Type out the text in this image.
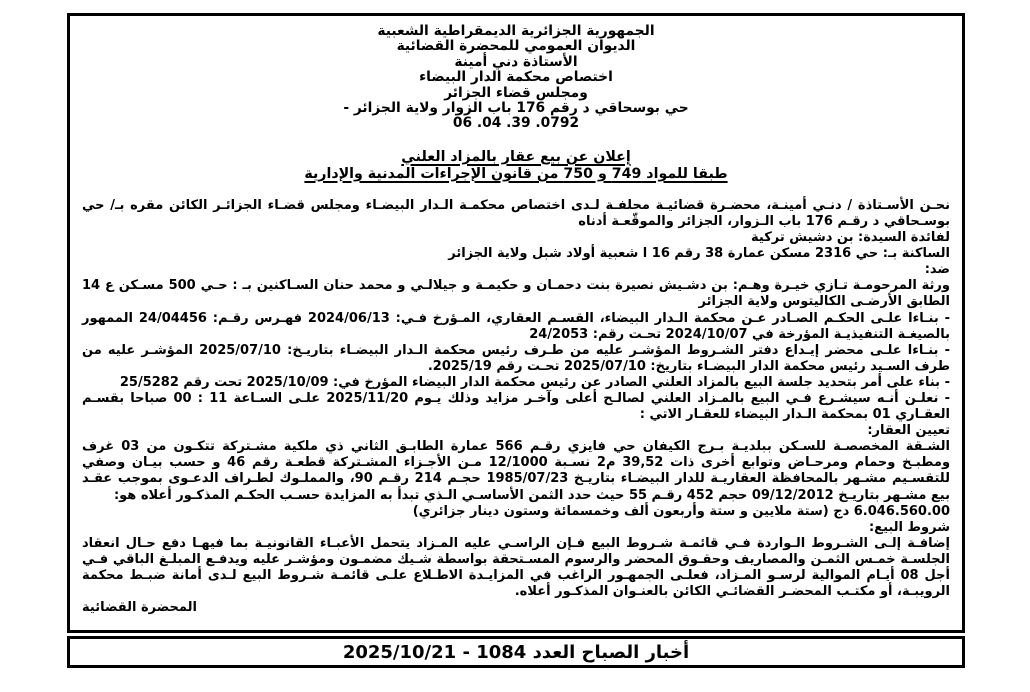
الجمهورية الجزائرية الديمقراطية الشعبية
الديوان العمومي للمحضرة القضائية
الأستاذة دني أمينة
اختصاص محكمة الدار البيضاء
ومجلس قضاء الجزائر
حي بوسحاقي د رقم 176 باب الزوار ولاية الجزائر -
06 .04 .39 .0792
إعلان عن بيع عقار بالمزاد العلني
طبقا للمواد 749 و 750 من قانون الإجراءات المدنية والإدارية

نحـن الأسـتاذة / دنـي أمينـة، محضـرة قضائيـة محلفـة لـدى اختصاص محكمـة الـدار البيضـاء ومجلس قضـاء الجزائـر الكائن مقره بـ/ حي بوسـحاقي د رقـم 176 باب الـزوار، الجزائر والموقّعـة أدناه

لفائدة السيدة: بن دشيش تركية

الساكنة بـ: حي 2316 مسكن عمارة 38 رقم 16 ا شعبية أولاد شبل ولاية الجزائر

ضد:

ورثة المرحومـة تـازي خيـرة وهـم: بن دشـيش نصيرة بنت دحمـان و حكيمـة و جيلالـي و محمد حنان السـاكنين بـ : حـي 500 مسـكن ع 14 الطابق الأرضـى الكاليتوس ولاية الجزائر

- بنـاءا علـى الحكـم الصـادر عـن محكمة الـدار البيضاء، القسـم العقاري، المـؤرخ فـي: 2024/06/13 فهـرس رقـم: 24/04456 الممهور بالصيغـة التنفيذيـة المؤرخة في 2024/10/07 تحـت رقم: 24/2053

- بنـاءا علـى محضر إيـداع دفتر الشـروط المؤشـر عليه من طـرف رئيس محكمة الـدار البيضـاء بتاريـخ: 2025/07/10 المؤشـر عليه من طرف السـيد رئيس محكمة الدار البيضـاء بتاريخ: 2025/07/10 تحـت رقم 2025/19.

- بناء على أمر بتحديد جلسة البيع بالمزاد العلني الصادر عن رئيس محكمة الدار البيضاء المؤرخ في: 2025/10/09 تحت رقم 25/5282

- نعلـن أنـه سيشـرع فـي البيع بالمـزاد العلني لصالـح أعلى وآخـر مزايد وذلك يـوم 2025/11/20 علـى السـاعة 11 : 00 صباحا بقسـم العقـاري 01 بمحكمة الـدار البيضاء للعقـار الاتي :

تعيين العقار:

الشـقة المخصصـة للسـكن ببلديـة بـرج الكيفان حي فايزي رقـم 566 عمارة الطابـق الثاني ذي ملكية مشـتركة تتكـون من 03 غرف ومطبـخ وحمام ومرحـاض وتوابع أخرى ذات 39,52 م2 نسـبة 12/1000 مـن الأجـزاء المشـتركة قطعـة رقم 46 و حسب بيـان وصفي للتقسـيم مشـهر بالمحافظة العقاريـة للدار البيضـاء بتاريـخ 1985/07/23 حجـم 214 رقـم 90، والمملـوك لطـراف الدعـوى بموجب عقـد بيع مشـهر بتاريـخ 09/12/2012 حجم 452 رقـم 55 حيث حدد الثمن الأساسـي الـذي تبدأ به المزايدة حسـب الحكـم المذكـور أعلاه هو:

6.046.560.00 دج (ستة ملايين و ستة وأربعون ألف وخمسمائة وستون دينار جزائري)

شروط البيع:

إضافـة إلـى الشـروط الـواردة فـي قائمـة شـروط البيع فـإن الراسـي عليه المـزاد يتحمل الأعبـاء القانونيـة بما فيهـا دفع حـال انعقاد الجلسـة خمـس الثمـن والمصاريف وحقـوق المحضر والرسوم المسـتحقة بواسطة شـيك مضمـون ومؤشـر عليه ويدفـع المبلـغ الباقي فـي أجل 08 أيـام الموالية لرسـو المـزاد، فعلـى الجمهـور الراغب في المزايـدة الاطـلاع علـى قائمـة شـروط البيع لـدى أمانة ضبـط محكمة الرويبـة، أو مكتـب المحضـر القضائـي الكائن بالعنـوان المذكـور أعلاه.

المحضرة القضائية

أخبار الصباح العدد 1084 - 2025/10/21
